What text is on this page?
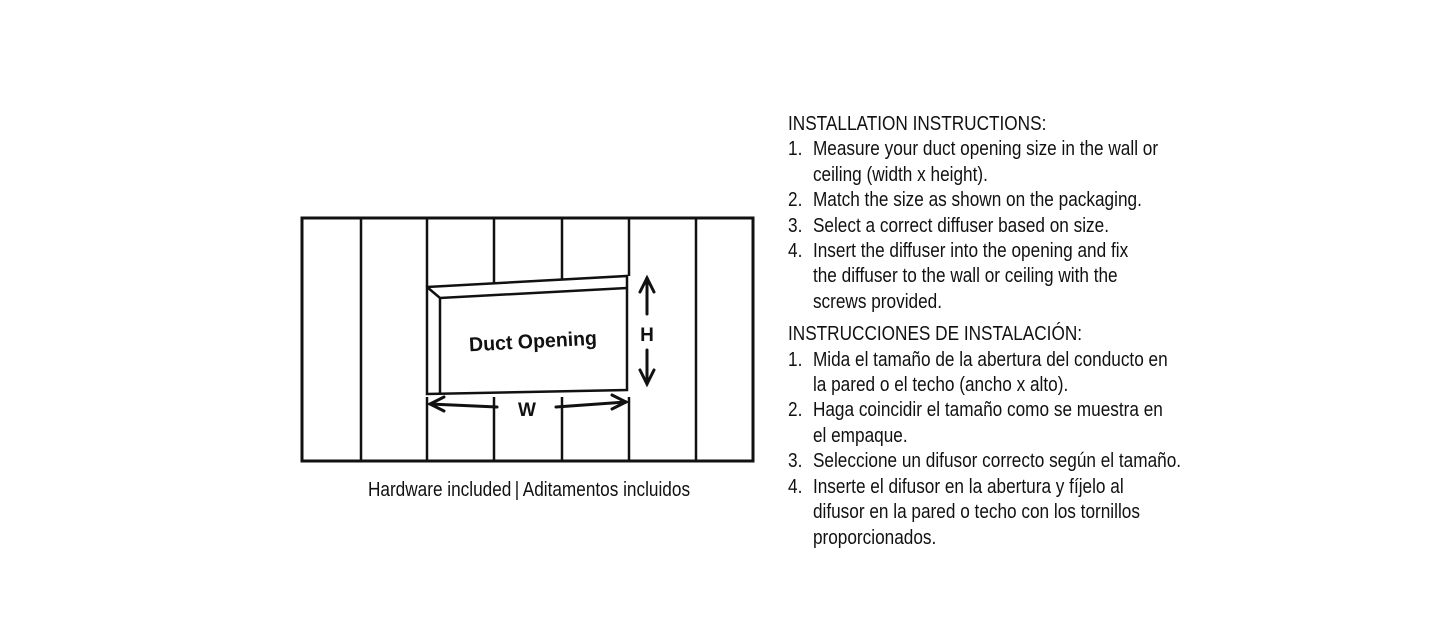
Duct Opening H
W
Hardware included | Aditamentos incluidos
INSTALLATION INSTRUCTIONS:
1. Measure your duct opening size in the wall or
ceiling (width x height).
2. Match the size as shown on the packaging.
3. Select a correct diffuser based on size.
4. Insert the diffuser into the opening and fix
the diffuser to the wall or ceiling with the
screws provided.
INSTRUCCIONES DE INSTALACIÓN:
1. Mida el tamaño de la abertura del conducto en
la pared o el techo (ancho x alto).
2. Haga coincidir el tamaño como se muestra en
el empaque.
3. Seleccione un difusor correcto según el tamaño.
4. Inserte el difusor en la abertura y fíjelo al
difusor en la pared o techo con los tornillos
proporcionados.
